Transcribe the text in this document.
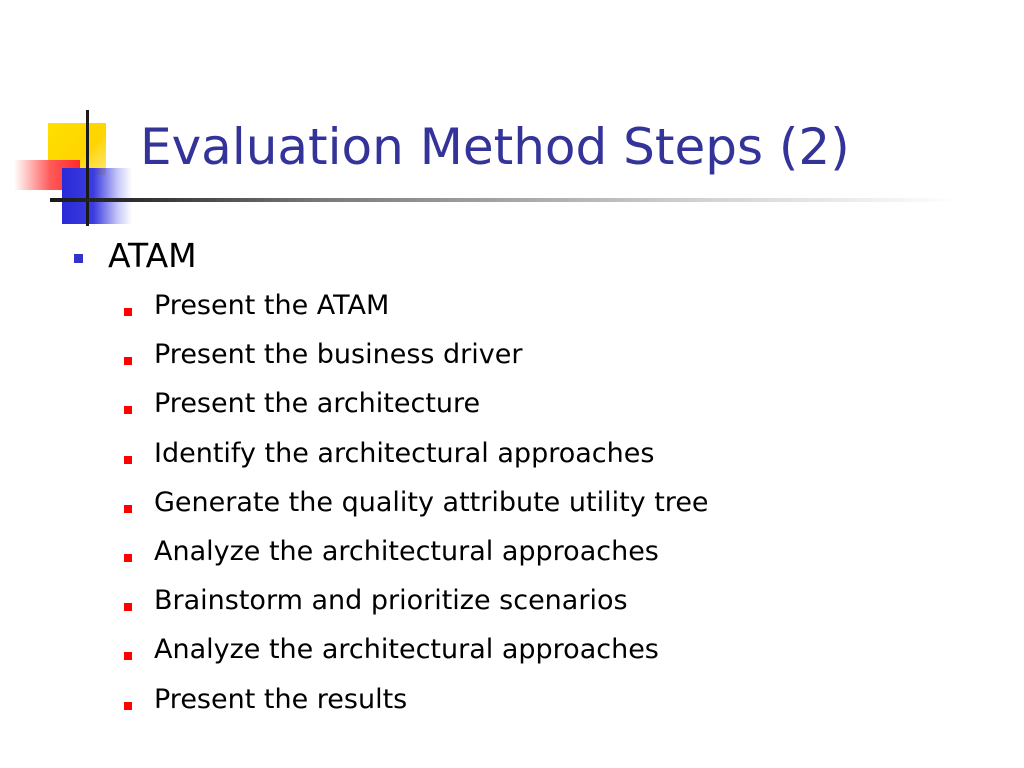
Evaluation Method Steps (2)
ATAM
Present the ATAM
Present the business driver
Present the architecture
Identify the architectural approaches
Generate the quality attribute utility tree
Analyze the architectural approaches
Brainstorm and prioritize scenarios
Analyze the architectural approaches
Present the results
